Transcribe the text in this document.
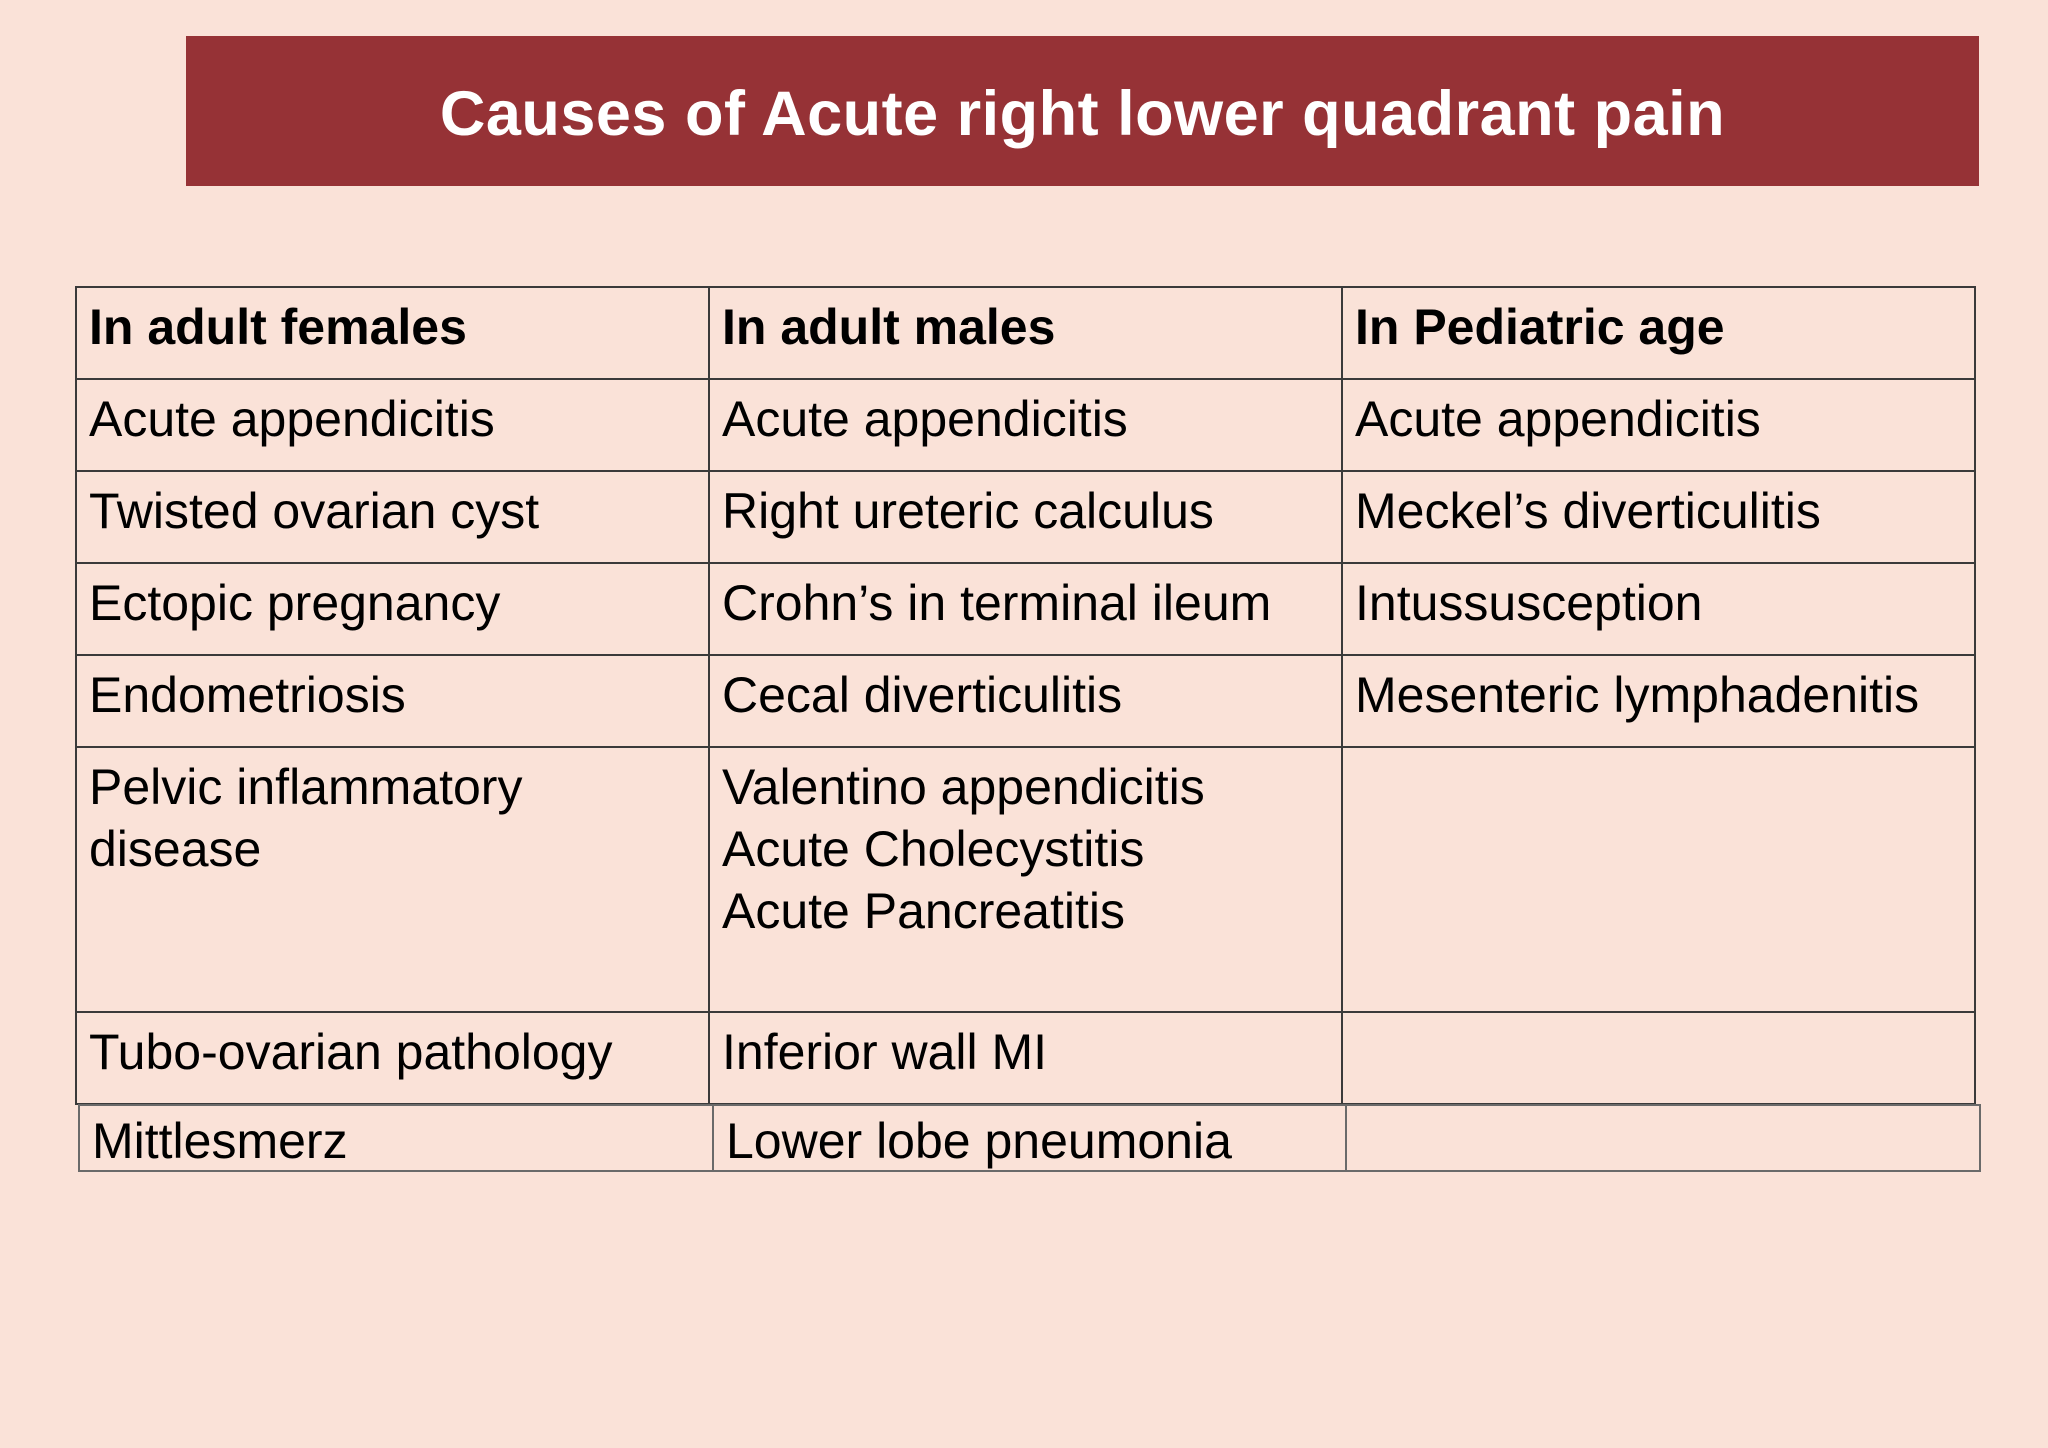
Causes of Acute right lower quadrant pain
In adult females	In adult males	In Pediatric age

Acute appendicitis	Acute appendicitis	Acute appendicitis

Twisted ovarian cyst	Right ureteric calculus	Meckel’s diverticulitis

Ectopic pregnancy	Crohn’s in terminal ileum	Intussusception

Endometriosis	Cecal diverticulitis	Mesenteric lymphadenitis

Pelvic inflammatory disease	Valentino appendicitis
Acute Cholecystitis
Acute Pancreatitis	

Tubo-ovarian pathology	Inferior wall MI	

Mittlesmerz	Lower lobe pneumonia	
